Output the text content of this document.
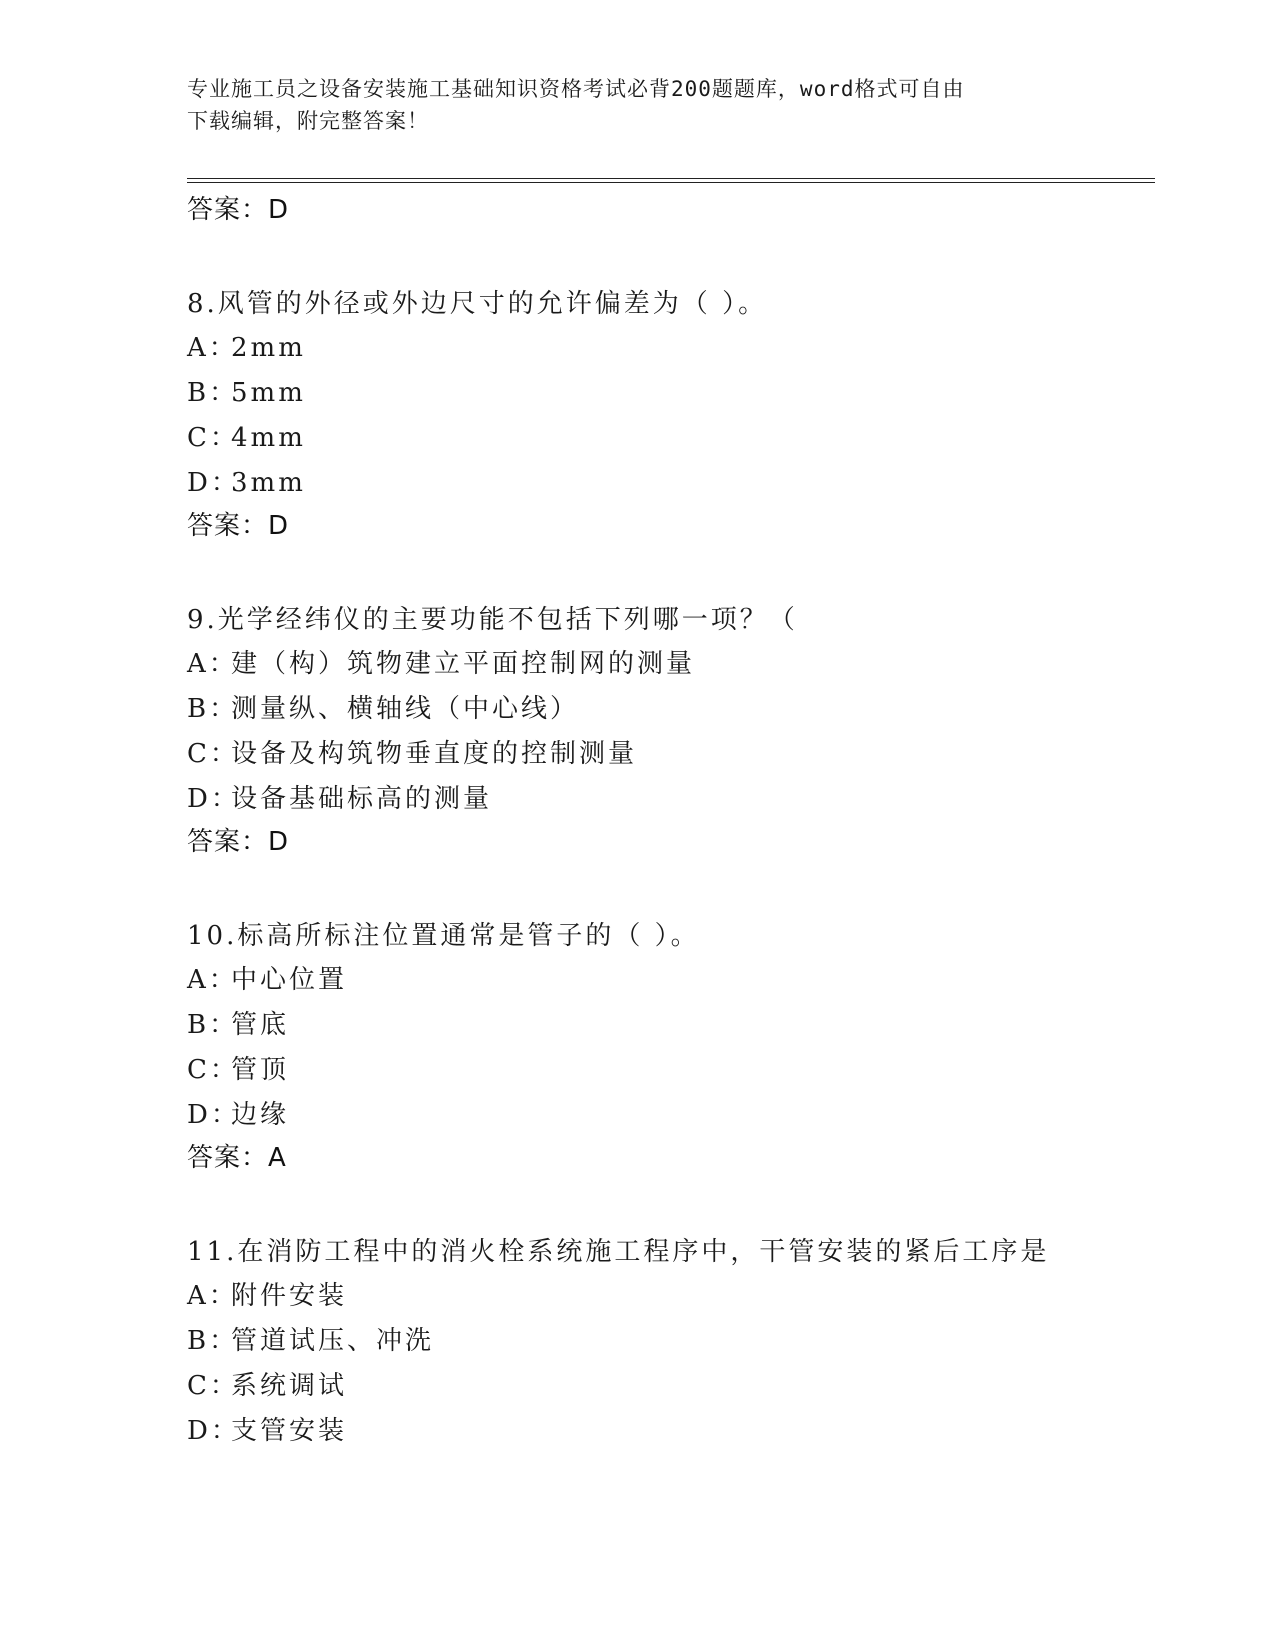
专业施工员之设备安装施工基础知识资格考试必背200题题库，word格式可自由
下载编辑，附完整答案！
答案：D
8.风管的外径或外边尺寸的允许偏差为（ ）。
A：2mm
B：5mm
C：4mm
D：3mm
答案：D
9.光学经纬仪的主要功能不包括下列哪一项？（
A：建（构）筑物建立平面控制网的测量
B：测量纵、横轴线（中心线）
C：设备及构筑物垂直度的控制测量
D：设备基础标高的测量
答案：D
10.标高所标注位置通常是管子的（ ）。
A：中心位置
B：管底
C：管顶
D：边缘
答案：A
11.在消防工程中的消火栓系统施工程序中，干管安装的紧后工序是
A：附件安装
B：管道试压、冲洗
C：系统调试
D：支管安装
